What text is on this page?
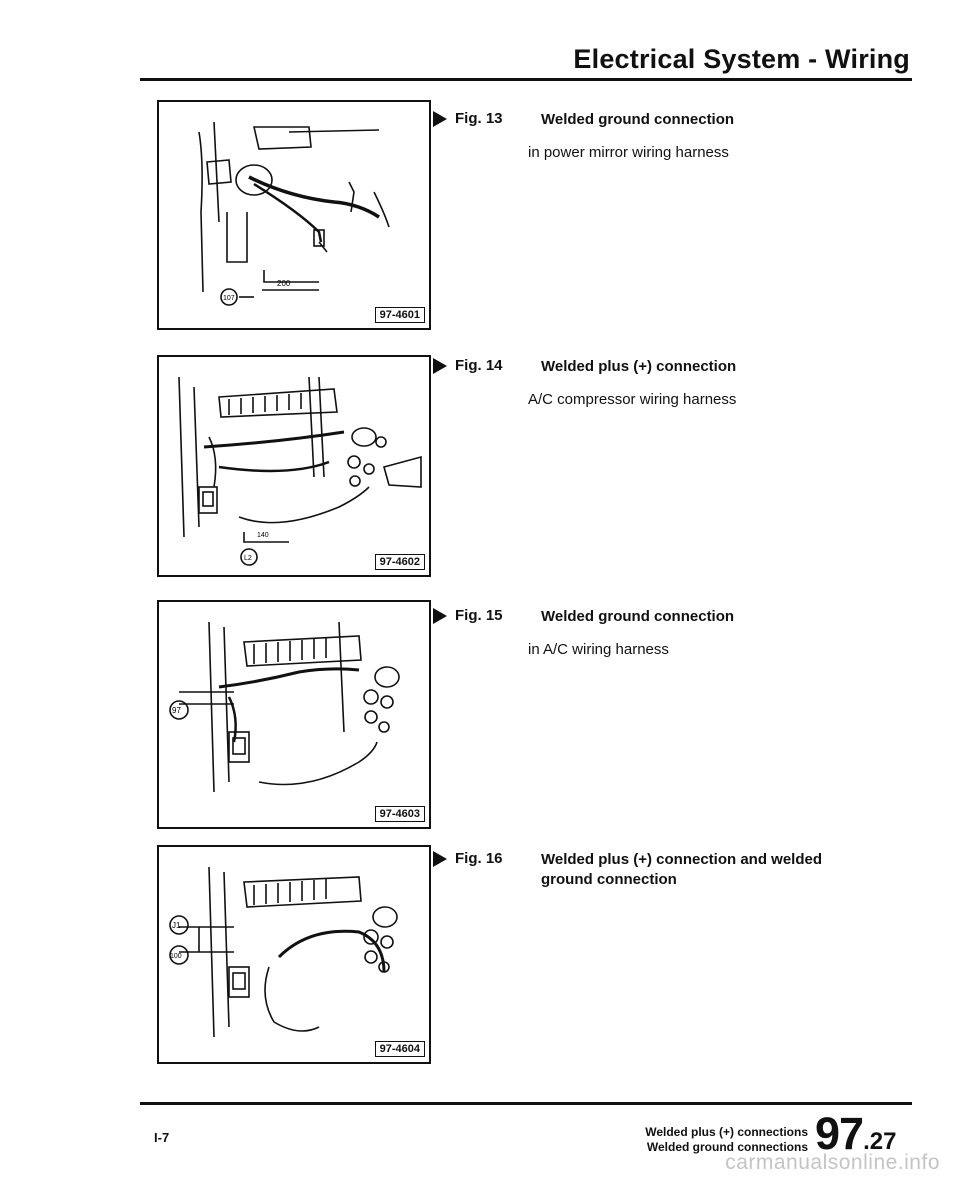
Electrical System - Wiring
200
107
97-4601
Fig. 13	Welded ground connection
in power mirror wiring harness
140
L2	97-4602
Fig. 14	Welded plus (+) connection
A/C compressor wiring harness
97
97-4603
Fig. 15	Welded ground connection
in A/C wiring harness
J1
100
97-4604
Fig. 16	Welded plus (+) connection and welded ground connection
I-7	Welded plus (+) connections
Welded ground connections 97.27
carmanualsonline.info
